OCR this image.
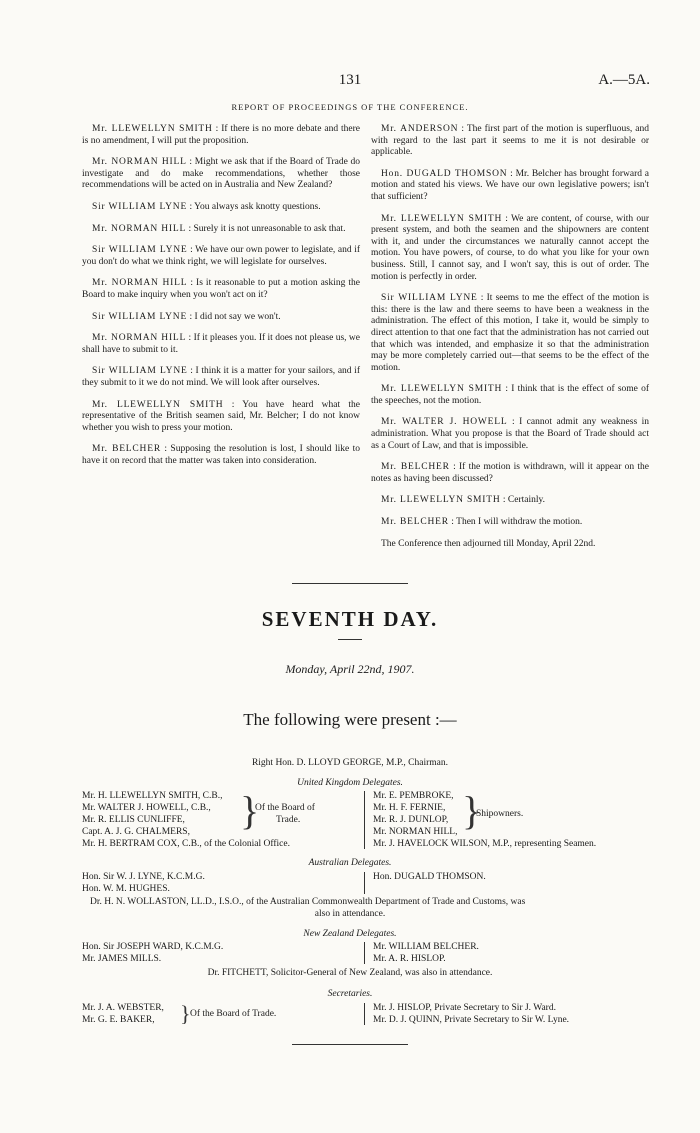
131	A.—5A.
REPORT OF PROCEEDINGS OF THE CONFERENCE.

Mr. LLEWELLYN SMITH : If there is no more debate and there is no amendment, I will put the proposition.

Mr. NORMAN HILL : Might we ask that if the Board of Trade do investigate and do make recommendations, whether those recommendations will be acted on in Australia and New Zealand?

Sir WILLIAM LYNE : You always ask knotty questions.

Mr. NORMAN HILL : Surely it is not unreasonable to ask that.

Sir WILLIAM LYNE : We have our own power to legislate, and if you don't do what we think right, we will legislate for ourselves.

Mr. NORMAN HILL : Is it reasonable to put a motion asking the Board to make inquiry when you won't act on it?

Sir WILLIAM LYNE : I did not say we won't.

Mr. NORMAN HILL : If it pleases you. If it does not please us, we shall have to submit to it.

Sir WILLIAM LYNE : I think it is a matter for your sailors, and if they submit to it we do not mind. We will look after ourselves.

Mr. LLEWELLYN SMITH : You have heard what the representative of the British seamen said, Mr. Belcher; I do not know whether you wish to press your motion.

Mr. BELCHER : Supposing the resolution is lost, I should like to have it on record that the matter was taken into consideration.

Mr. ANDERSON : The first part of the motion is superfluous, and with regard to the last part it seems to me it is not desirable or applicable.

Hon. DUGALD THOMSON : Mr. Belcher has brought forward a motion and stated his views. We have our own legislative powers; isn't that sufficient?

Mr. LLEWELLYN SMITH : We are content, of course, with our present system, and both the seamen and the shipowners are content with it, and under the circumstances we naturally cannot accept the motion. You have powers, of course, to do what you like for your own business. Still, I cannot say, and I won't say, this is out of order. The motion is perfectly in order.

Sir WILLIAM LYNE : It seems to me the effect of the motion is this: there is the law and there seems to have been a weakness in the administration. The effect of this motion, I take it, would be simply to direct attention to that one fact that the administration has not carried out that which was intended, and emphasize it so that the administration may be more completely carried out—that seems to be the effect of the motion.

Mr. LLEWELLYN SMITH : I think that is the effect of some of the speeches, not the motion.

Mr. WALTER J. HOWELL : I cannot admit any weakness in administration. What you propose is that the Board of Trade should act as a Court of Law, and that is impossible.

Mr. BELCHER : If the motion is withdrawn, will it appear on the notes as having been discussed?

Mr. LLEWELLYN SMITH : Certainly.

Mr. BELCHER : Then I will withdraw the motion.

The Conference then adjourned till Monday, April 22nd.

SEVENTH DAY.
Monday, April 22nd, 1907.
The following were present :—
Right Hon. D. LLOYD GEORGE, M.P., Chairman.
United Kingdom Delegates.
Mr. H. LLEWELLYN SMITH, C.B.,
Mr. WALTER J. HOWELL, C.B.,
Mr. R. ELLIS CUNLIFFE,
Capt. A. J. G. CHALMERS, }
Of the Board of
Trade.
Mr. H. BERTRAM COX, C.B., of the Colonial Office.
Mr. E. PEMBROKE,
Mr. H. F. FERNIE,
Mr. R. J. DUNLOP,
Mr. NORMAN HILL, }
Shipowners.
Mr. J. HAVELOCK WILSON, M.P., representing Seamen.
Australian Delegates.
Hon. Sir W. J. LYNE, K.C.M.G.
Hon. W. M. HUGHES.
Hon. DUGALD THOMSON.
Dr. H. N. WOLLASTON, LL.D., I.S.O., of the Australian Commonwealth Department of Trade and Customs, was
also in attendance.
New Zealand Delegates.
Hon. Sir JOSEPH WARD, K.C.M.G.
Mr. JAMES MILLS.
Mr. WILLIAM BELCHER.
Mr. A. R. HISLOP.
Dr. FITCHETT, Solicitor-General of New Zealand, was also in attendance.
Secretaries.
Mr. J. A. WEBSTER,
Mr. G. E. BAKER, } Of the Board of Trade.
Mr. J. HISLOP, Private Secretary to Sir J. Ward.
Mr. D. J. QUINN, Private Secretary to Sir W. Lyne.
